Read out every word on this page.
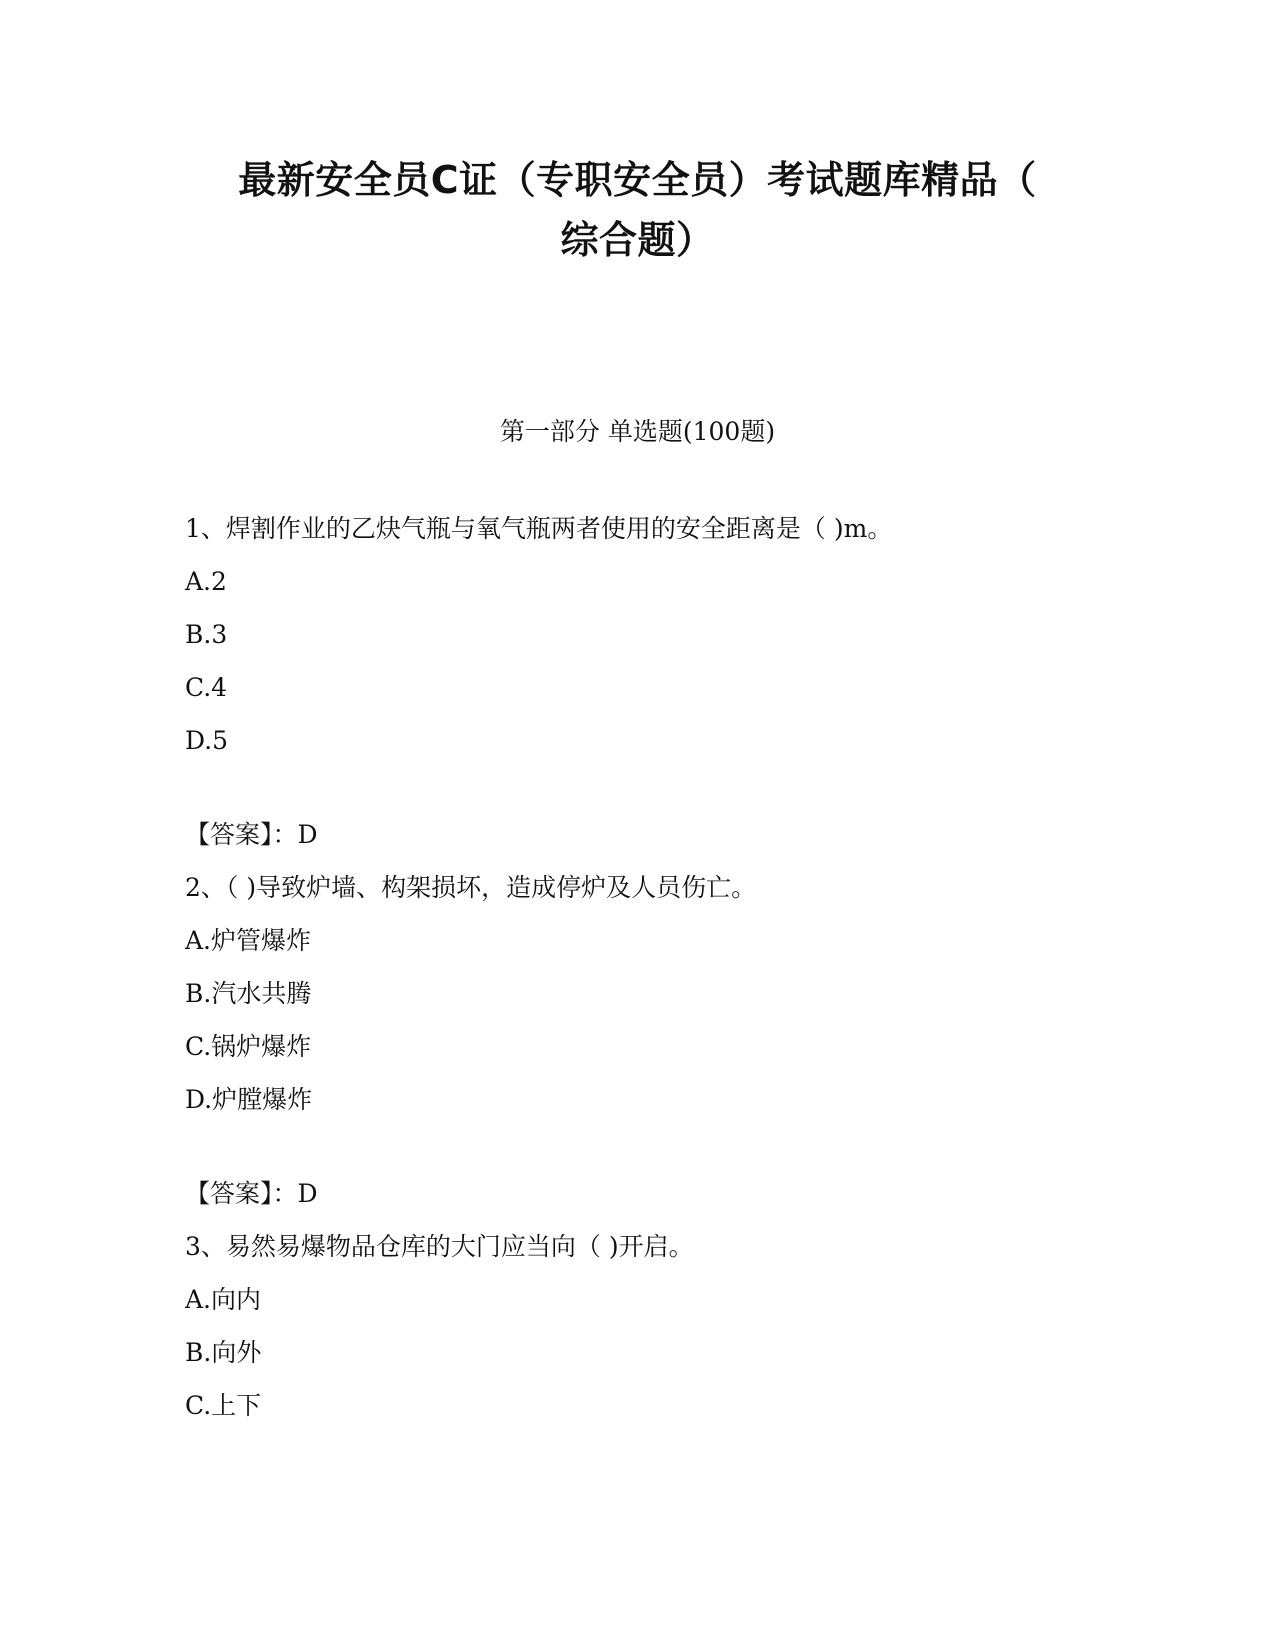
最新安全员C证（专职安全员）考试题库精品（
综合题）
第一部分 单选题(100题)
1、焊割作业的乙炔气瓶与氧气瓶两者使用的安全距离是（ )m。
A.2
B.3
C.4
D.5
【答案】：D
2、（ )导致炉墙、构架损坏，造成停炉及人员伤亡。
A.炉管爆炸
B.汽水共腾
C.锅炉爆炸
D.炉膛爆炸
【答案】：D
3、易然易爆物品仓库的大门应当向（ )开启。
A.向内
B.向外
C.上下
